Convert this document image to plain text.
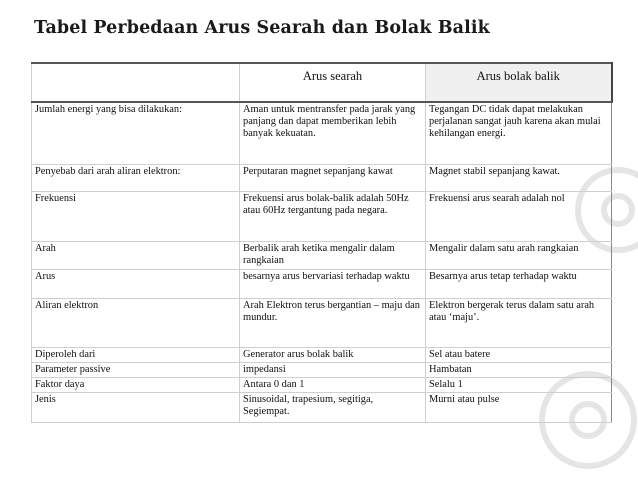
Tabel Perbedaan Arus Searah dan Bolak Balik
	Arus searah	Arus bolak balik
Jumlah energi yang bisa dilakukan:	Aman untuk mentransfer pada jarak yang panjang dan dapat memberikan lebih banyak kekuatan.	Tegangan DC tidak dapat melakukan perjalanan sangat jauh karena akan mulai kehilangan energi.
Penyebab dari arah aliran elektron:	Perputaran magnet sepanjang kawat	Magnet stabil sepanjang kawat.
Frekuensi	Frekuensi arus bolak-balik adalah 50Hz atau 60Hz tergantung pada negara.	Frekuensi arus searah adalah nol
Arah	Berbalik arah ketika mengalir dalam rangkaian	Mengalir dalam satu arah rangkaian
Arus	besarnya arus bervariasi terhadap waktu	Besarnya arus tetap terhadap waktu
Aliran elektron	Arah Elektron terus bergantian – maju dan mundur.	Elektron bergerak terus dalam satu arah atau ‘maju’.
Diperoleh dari	Generator arus bolak balik	Sel atau batere
Parameter passive	impedansi	Hambatan
Faktor daya	Antara 0 dan 1	Selalu 1
Jenis	Sinusoidal, trapesium, segitiga, Segiempat.	Murni atau pulse
